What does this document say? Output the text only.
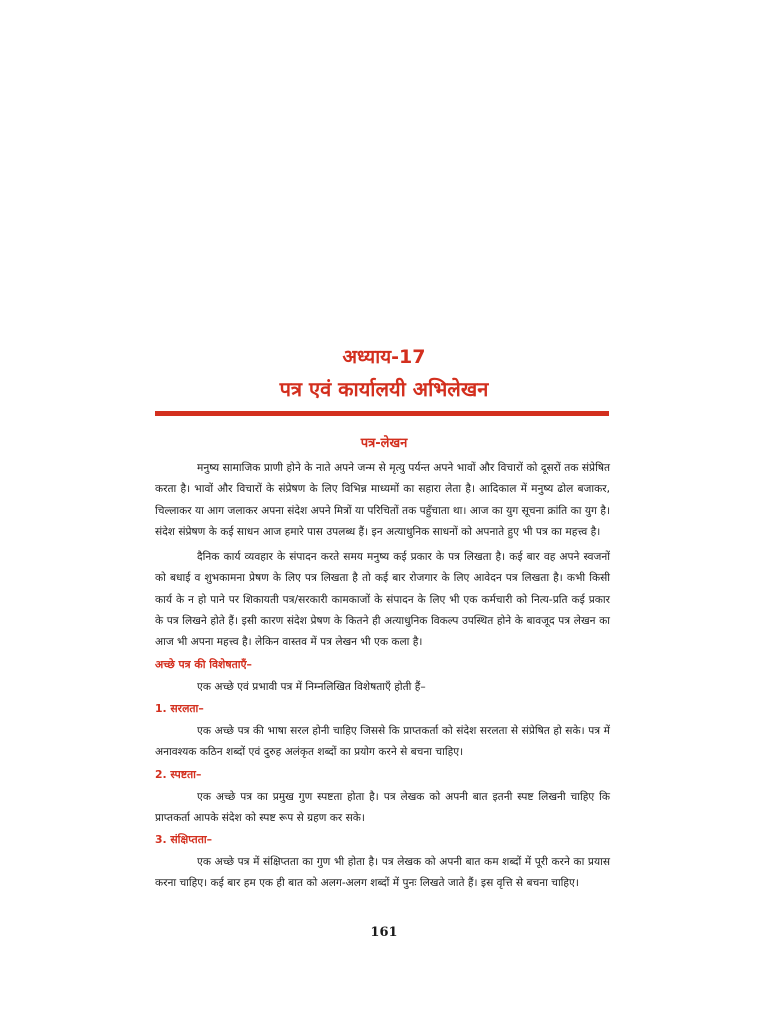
अध्याय-17
पत्र एवं कार्यालयी अभिलेखन
पत्र-लेखन

मनुष्य सामाजिक प्राणी होने के नाते अपने जन्म से मृत्यु पर्यन्त अपने भावों और विचारों को दूसरों तक संप्रेषित करता है। भावों और विचारों के संप्रेषण के लिए विभिन्न माध्यमों का सहारा लेता है। आदिकाल में मनुष्य ढोल बजाकर, चिल्लाकर या आग जलाकर अपना संदेश अपने मित्रों या परिचितों तक पहुँचाता था। आज का युग सूचना क्रांति का युग है। संदेश संप्रेषण के कई साधन आज हमारे पास उपलब्ध हैं। इन अत्याधुनिक साधनों को अपनाते हुए भी पत्र का महत्त्व है।

दैनिक कार्य व्यवहार के संपादन करते समय मनुष्य कई प्रकार के पत्र लिखता है। कई बार वह अपने स्वजनों को बधाई व शुभकामना प्रेषण के लिए पत्र लिखता है तो कई बार रोजगार के लिए आवेदन पत्र लिखता है। कभी किसी कार्य के न हो पाने पर शिकायती पत्र/सरकारी कामकाजों के संपादन के लिए भी एक कर्मचारी को नित्य-प्रति कई प्रकार के पत्र लिखने होते हैं। इसी कारण संदेश प्रेषण के कितने ही अत्याधुनिक विकल्प उपस्थित होने के बावजूद पत्र लेखन का आज भी अपना महत्त्व है। लेकिन वास्तव में पत्र लेखन भी एक कला है।

अच्छे पत्र की विशेषताएँ–

एक अच्छे एवं प्रभावी पत्र में निम्नलिखित विशेषताएँ होती हैं–

1. सरलता–

एक अच्छे पत्र की भाषा सरल होनी चाहिए जिससे कि प्राप्तकर्ता को संदेश सरलता से संप्रेषित हो सके। पत्र में अनावश्यक कठिन शब्दों एवं दुरुह अलंकृत शब्दों का प्रयोग करने से बचना चाहिए।

2. स्पष्टता–

एक अच्छे पत्र का प्रमुख गुण स्पष्टता होता है। पत्र लेखक को अपनी बात इतनी स्पष्ट लिखनी चाहिए कि प्राप्तकर्ता आपके संदेश को स्पष्ट रूप से ग्रहण कर सके।

3. संक्षिप्तता–

एक अच्छे पत्र में संक्षिप्तता का गुण भी होता है। पत्र लेखक को अपनी बात कम शब्दों में पूरी करने का प्रयास करना चाहिए। कई बार हम एक ही बात को अलग-अलग शब्दों में पुनः लिखते जाते हैं। इस वृत्ति से बचना चाहिए।

161
